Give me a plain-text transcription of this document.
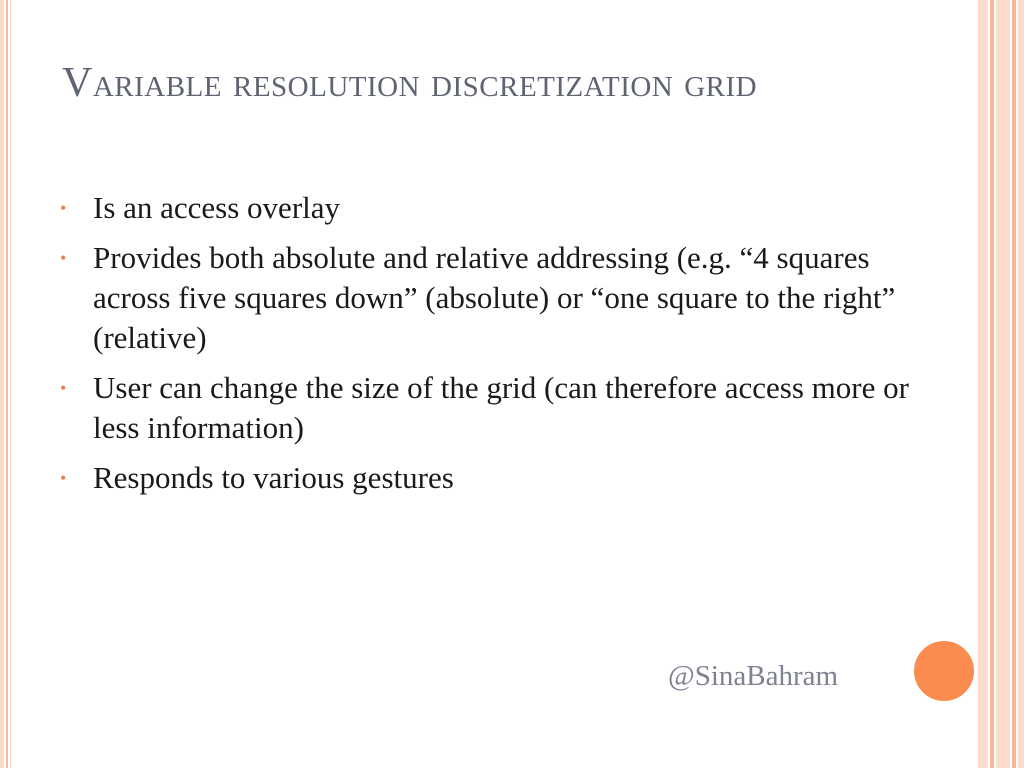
Variable resolution discretization grid
• Is an access overlay
• Provides both absolute and relative addressing (e.g. “4 squares across five squares down” (absolute) or “one square to the right” (relative)
• User can change the size of the grid (can therefore access more or less information)
• Responds to various gestures
@SinaBahram
